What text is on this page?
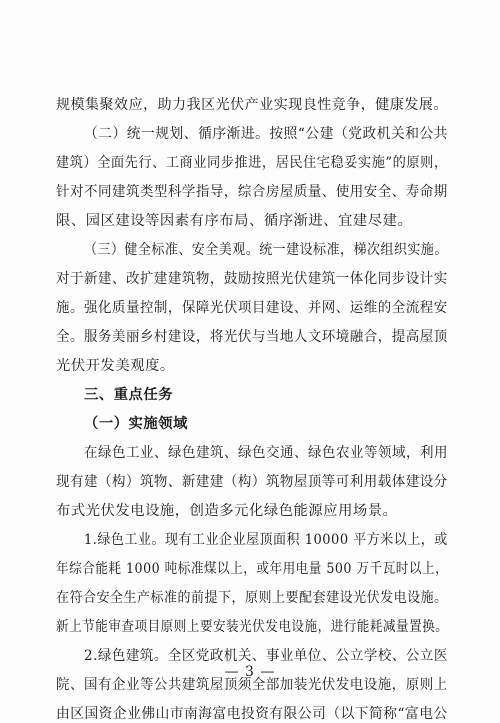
规模集聚效应，助力我区光伏产业实现良性竞争，健康发展。
（二）统一规划、循序渐进。按照“公建（党政机关和公共
建筑）全面先行、工商业同步推进，居民住宅稳妥实施”的原则，
针对不同建筑类型科学指导，综合房屋质量、使用安全、寿命期
限、园区建设等因素有序布局、循序渐进、宜建尽建。
（三）健全标准、安全美观。统一建设标准，梯次组织实施。
对于新建、改扩建建筑物，鼓励按照光伏建筑一体化同步设计实
施。强化质量控制，保障光伏项目建设、并网、运维的全流程安
全。服务美丽乡村建设，将光伏与当地人文环境融合，提高屋顶
光伏开发美观度。
三、重点任务
（一）实施领域
在绿色工业、绿色建筑、绿色交通、绿色农业等领域，利用
现有建（构）筑物、新建建（构）筑物屋顶等可利用载体建设分
布式光伏发电设施，创造多元化绿色能源应用场景。
1.绿色工业。现有工业企业屋顶面积 10000 平方米以上，或
年综合能耗 1000 吨标准煤以上，或年用电量 500 万千瓦时以上，
在符合安全生产标准的前提下，原则上要配套建设光伏发电设施。
新上节能审查项目原则上要安装光伏发电设施，进行能耗减量置换。
2.绿色建筑。全区党政机关、事业单位、公立学校、公立医
院、国有企业等公共建筑屋顶须全部加装光伏发电设施，原则上
由区国资企业佛山市南海富电投资有限公司（以下简称“富电公
— 3 —
